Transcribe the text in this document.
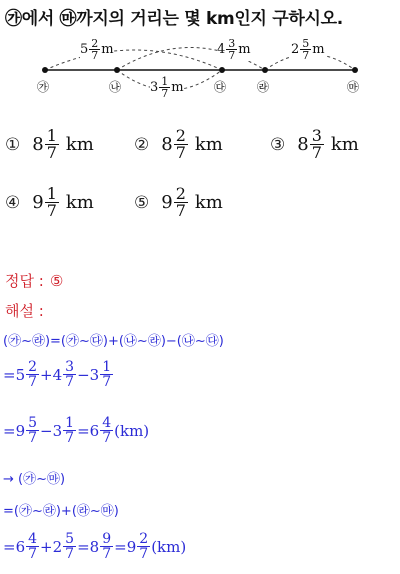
㉮에서 ㉲까지의 거리는 몇 km인지 구하시오.
㉮	㉯	㉰	㉱	㉲
$5 \frac{2}{7}$ m	$4 \frac{3}{7}$ m	$2 \frac{5}{7}$ m
$3 \frac{1}{7}$ m
① $8 \frac{1}{7}$ km ② $8 \frac{2}{7}$ km	③ $8 \frac{3}{7}$ km
④ $9 \frac{1}{7}$ km ⑤ $9 \frac{2}{7}$ km
정답 : ⑤
해설 :
(㉮~㉱)=(㉮~㉰)+(㉯~㉱)−(㉯~㉰)
= $5 \frac{2}{7} + 4 \frac{3}{7} - 3 \frac{1}{7}$
= $9 \frac{5}{7} - 3 \frac{1}{7} = 6 \frac{4}{7} (km)$
→ (㉮~㉲)
=(㉮~㉱)+(㉱~㉲)
= $6 \frac{4}{7} + 2 \frac{5}{7} = 8 \frac{9}{7} = 9 \frac{2}{7} (km)$
